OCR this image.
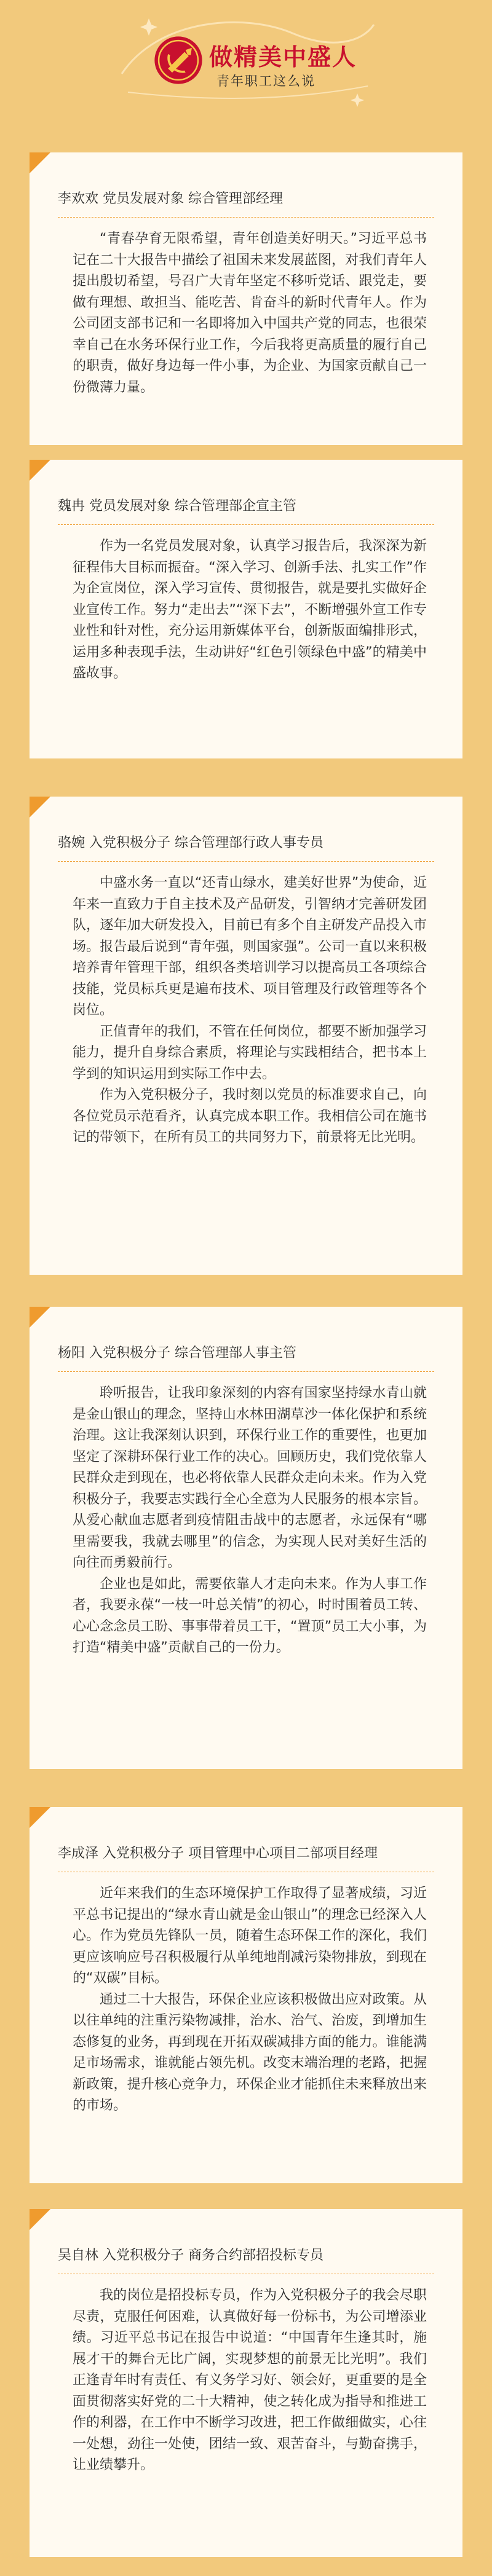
做精美中盛人
青年职工这么说
李欢欢 党员发展对象 综合管理部经理

“青春孕育无限希望，青年创造美好明天。”习近平总书记在二十大报告中描绘了祖国未来发展蓝图，对我们青年人提出殷切希望，号召广大青年坚定不移听党话、跟党走，要做有理想、敢担当、能吃苦、肯奋斗的新时代青年人。作为公司团支部书记和一名即将加入中国共产党的同志，也很荣幸自己在水务环保行业工作，今后我将更高质量的履行自己的职责，做好身边每一件小事，为企业、为国家贡献自己一份微薄力量。

魏冉 党员发展对象 综合管理部企宣主管

作为一名党员发展对象，认真学习报告后，我深深为新征程伟大目标而振奋。“深入学习、创新手法、扎实工作”作为企宣岗位，深入学习宣传、贯彻报告，就是要扎实做好企业宣传工作。努力“走出去”“深下去”，不断增强外宣工作专业性和针对性，充分运用新媒体平台，创新版面编排形式，运用多种表现手法，生动讲好“红色引领绿色中盛”的精美中盛故事。

骆婉 入党积极分子 综合管理部行政人事专员

中盛水务一直以“还青山绿水，建美好世界”为使命，近年来一直致力于自主技术及产品研发，引智纳才完善研发团队，逐年加大研发投入，目前已有多个自主研发产品投入市场。报告最后说到“青年强，则国家强”。公司一直以来积极培养青年管理干部，组织各类培训学习以提高员工各项综合技能，党员标兵更是遍布技术、项目管理及行政管理等各个岗位。

正值青年的我们，不管在任何岗位，都要不断加强学习能力，提升自身综合素质，将理论与实践相结合，把书本上学到的知识运用到实际工作中去。

作为入党积极分子，我时刻以党员的标准要求自己，向各位党员示范看齐，认真完成本职工作。我相信公司在施书记的带领下，在所有员工的共同努力下，前景将无比光明。

杨阳 入党积极分子 综合管理部人事主管

聆听报告，让我印象深刻的内容有国家坚持绿水青山就是金山银山的理念，坚持山水林田湖草沙一体化保护和系统治理。这让我深刻认识到，环保行业工作的重要性，也更加坚定了深耕环保行业工作的决心。回顾历史，我们党依靠人民群众走到现在，也必将依靠人民群众走向未来。作为入党积极分子，我要志实践行全心全意为人民服务的根本宗旨。从爱心献血志愿者到疫情阻击战中的志愿者，永远保有“哪里需要我，我就去哪里”的信念，为实现人民对美好生活的向往而勇毅前行。

企业也是如此，需要依靠人才走向未来。作为人事工作者，我要永葆“一枝一叶总关情”的初心，时时围着员工转、心心念念员工盼、事事带着员工干，“置顶”员工大小事，为打造“精美中盛”贡献自己的一份力。

李成泽 入党积极分子 项目管理中心项目二部项目经理

近年来我们的生态环境保护工作取得了显著成绩，习近平总书记提出的“绿水青山就是金山银山”的理念已经深入人心。作为党员先锋队一员，随着生态环保工作的深化，我们更应该响应号召积极履行从单纯地削减污染物排放，到现在的“双碳”目标。

通过二十大报告，环保企业应该积极做出应对政策。从以往单纯的注重污染物减排，治水、治气、治废，到增加生态修复的业务，再到现在开拓双碳减排方面的能力。谁能满足市场需求，谁就能占领先机。改变末端治理的老路，把握新政策，提升核心竞争力，环保企业才能抓住未来释放出来的市场。

吴自林 入党积极分子 商务合约部招投标专员

我的岗位是招投标专员，作为入党积极分子的我会尽职尽责，克服任何困难，认真做好每一份标书，为公司增添业绩。习近平总书记在报告中说道：“中国青年生逢其时，施展才干的舞台无比广阔，实现梦想的前景无比光明”。我们正逢青年时有责任、有义务学习好、领会好，更重要的是全面贯彻落实好党的二十大精神，使之转化成为指导和推进工作的利器，在工作中不断学习改进，把工作做细做实，心往一处想，劲往一处使，团结一致、艰苦奋斗，与勤奋携手，让业绩攀升。
